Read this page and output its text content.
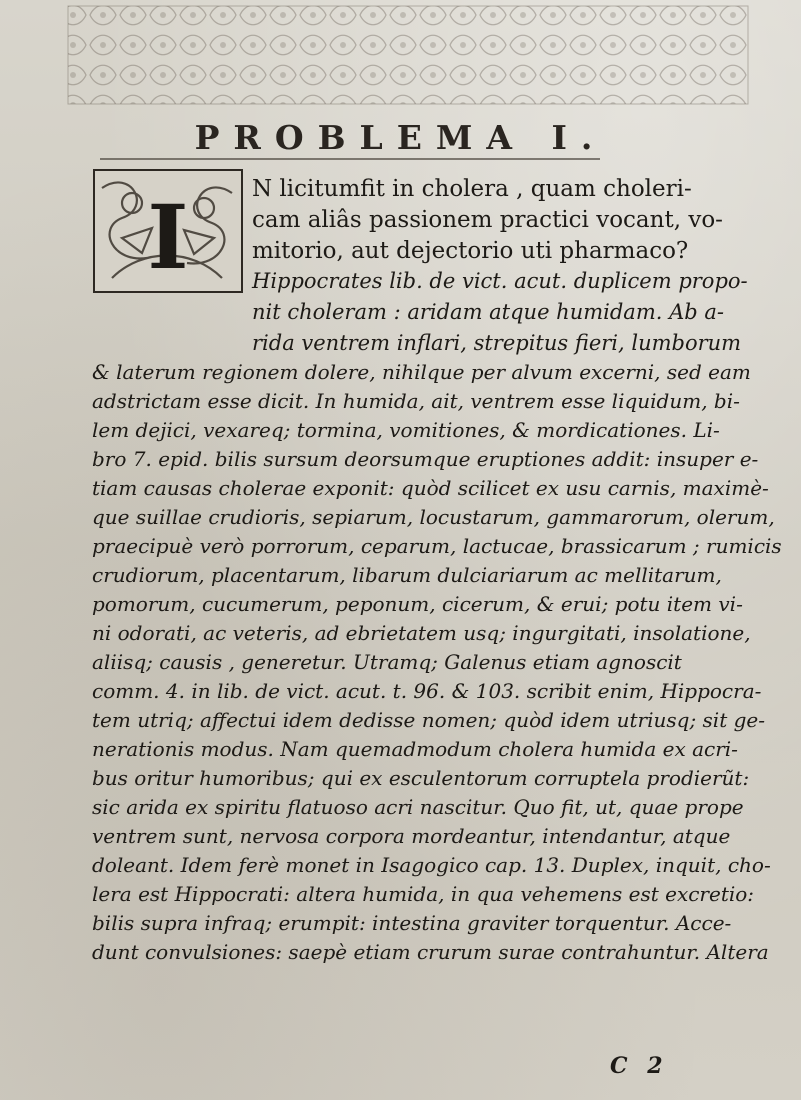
PROBLEMA I.
I	N licitumfit in cholera , quam choleri-
cam aliâs passionem practici vocant, vo-
mitorio, aut dejectorio uti pharmaco?
Hippocrates lib. de vict. acut. duplicem propo-
nit choleram : aridam atque humidam. Ab a-
rida ventrem inflari, strepitus fieri, lumborum
& laterum regionem dolere, nihilque per alvum excerni, sed eam
adstrictam esse dicit. In humida, ait, ventrem esse liquidum, bi-
lem dejici, vexareq; tormina, vomitiones, & mordicationes. Li-
bro 7. epid. bilis sursum deorsumque eruptiones addit: insuper e-
tiam causas cholerae exponit: quòd scilicet ex usu carnis, maximè-
que suillae crudioris, sepiarum, locustarum, gammarorum, olerum,
praecipuè verò porrorum, ceparum, lactucae, brassicarum ; rumicis
crudiorum, placentarum, libarum dulciariarum ac mellitarum,
pomorum, cucumerum, peponum, cicerum, & erui; potu item vi-
ni odorati, ac veteris, ad ebrietatem usq; ingurgitati, insolatione,
aliisq; causis , generetur. Utramq; Galenus etiam agnoscit
comm. 4. in lib. de vict. acut. t. 96. & 103. scribit enim, Hippocra-
tem utriq; affectui idem dedisse nomen; quòd idem utriusq; sit ge-
nerationis modus. Nam quemadmodum cholera humida ex acri-
bus oritur humoribus; qui ex esculentorum corruptela prodierũt:
sic arida ex spiritu flatuoso acri nascitur. Quo fit, ut, quae prope
ventrem sunt, nervosa corpora mordeantur, intendantur, atque
doleant. Idem ferè monet in Isagogico cap. 13. Duplex, inquit, cho-
lera est Hippocrati: altera humida, in qua vehemens est excretio:
bilis supra infraq; erumpit: intestina graviter torquentur. Acce-
dunt convulsiones: saepè etiam crurum surae contrahuntur. Altera
C 2
